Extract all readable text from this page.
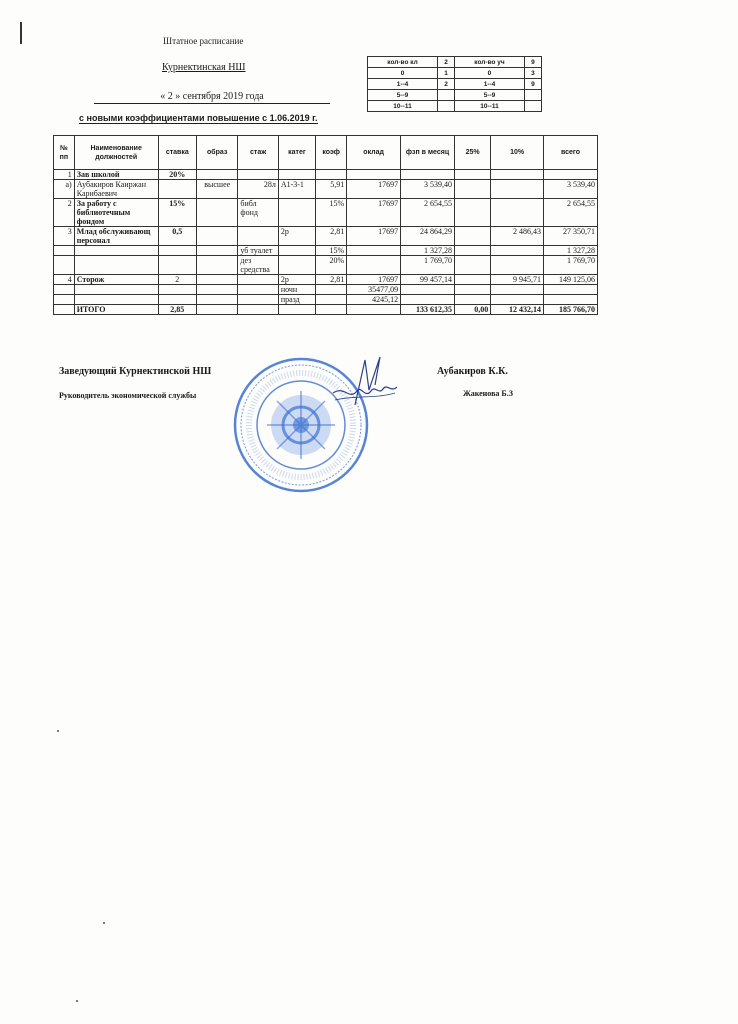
Штатное расписание
Курнектинская НШ
« 2 » сентября 2019 года
с новыми коэффициентами повышение с 1.06.2019 г.
кол-во кл	2	кол-во уч	9
0	1	0	3
1--4	2	1--4	9
5--9		5--9	
10--11		10--11	
№ пп	Наименование должностей	ставка	образ	стаж	катег	коэф	оклад	фзп в месяц	25%	10%	всего
1	Зав школой	20%									
а)	Аубакиров Каиржан Карибаевич		высшее	28л	А1-3-1	5,91	17697	3 539,40			3 539,40
2	За работу с библиотечным фондом	15%		библ фонд		15%	17697	2 654,55			2 654,55
3	Млад обслуживающ персонал	0,5			2р	2,81	17697	24 864,29		2 486,43	27 350,71
				уб туалет		15%		1 327,28			1 327,28
				дез средства		20%		1 769,70			1 769,70
4	Сторож	2			2р	2,81	17697	99 457,14		9 945,71	149 125,06
					ночн		35477,09				
					празд		4245,12				
	ИТОГО	2,85						133 612,35	0,00	12 432,14	185 766,70
Заведующий Курнектинской НШ
Руководитель экономической службы
Аубакиров К.К.
Жакенова Б.З
